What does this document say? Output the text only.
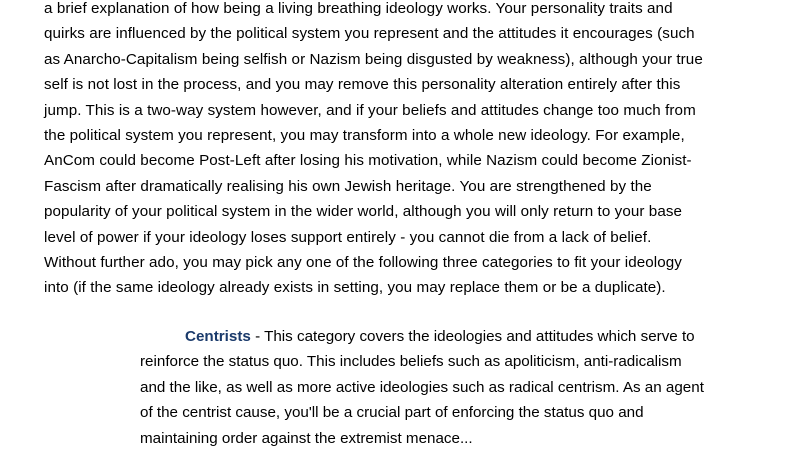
a brief explanation of how being a living breathing ideology works. Your personality traits and quirks are influenced by the political system you represent and the attitudes it encourages (such as Anarcho-Capitalism being selfish or Nazism being disgusted by weakness), although your true self is not lost in the process, and you may remove this personality alteration entirely after this jump. This is a two-way system however, and if your beliefs and attitudes change too much from the political system you represent, you may transform into a whole new ideology. For example, AnCom could become Post-Left after losing his motivation, while Nazism could become Zionist-Fascism after dramatically realising his own Jewish heritage. You are strengthened by the popularity of your political system in the wider world, although you will only return to your base level of power if your ideology loses support entirely - you cannot die from a lack of belief. Without further ado, you may pick any one of the following three categories to fit your ideology into (if the same ideology already exists in setting, you may replace them or be a duplicate).

Centrists - This category covers the ideologies and attitudes which serve to reinforce the status quo. This includes beliefs such as apoliticism, anti-radicalism and the like, as well as more active ideologies such as radical centrism. As an agent of the centrist cause, you'll be a crucial part of enforcing the status quo and maintaining order against the extremist menace...
